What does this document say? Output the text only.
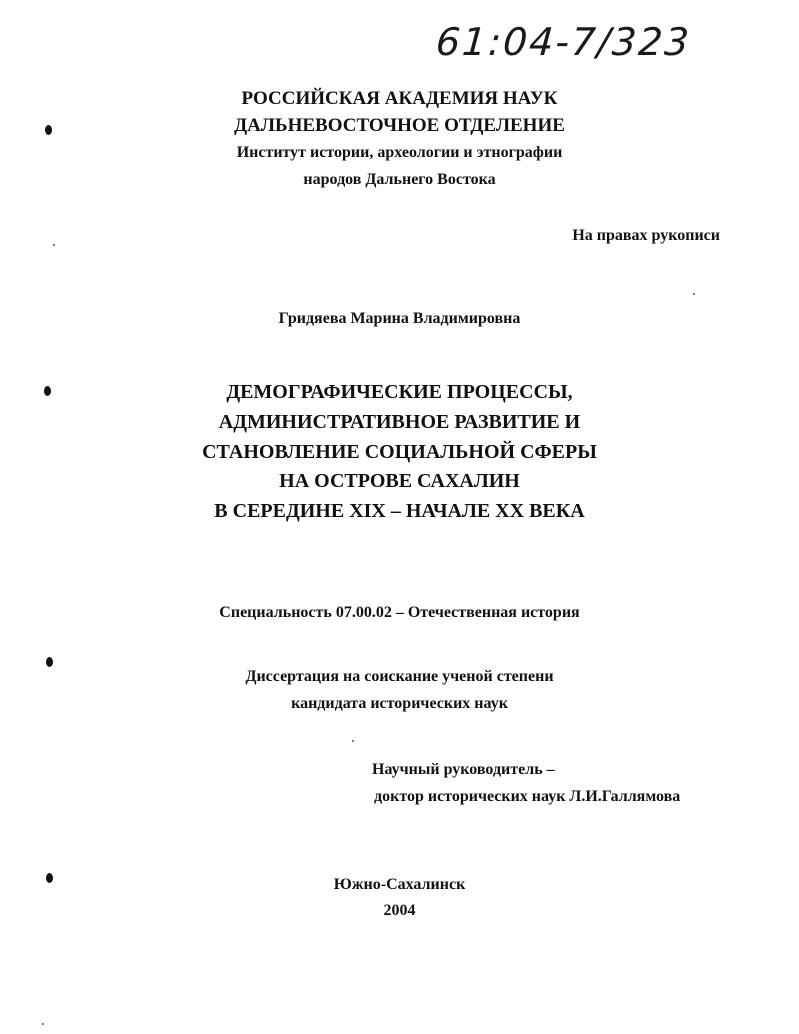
61:04-7/323
РОССИЙСКАЯ АКАДЕМИЯ НАУК
ДАЛЬНЕВОСТОЧНОЕ ОТДЕЛЕНИЕ
Институт истории, археологии и этнографии
народов Дальнего Востока
На правах рукописи
Гридяева Марина Владимировна
ДЕМОГРАФИЧЕСКИЕ ПРОЦЕССЫ,
АДМИНИСТРАТИВНОЕ РАЗВИТИЕ И
СТАНОВЛЕНИЕ СОЦИАЛЬНОЙ СФЕРЫ
НА ОСТРОВЕ САХАЛИН
В СЕРЕДИНЕ XIX – НАЧАЛЕ XX ВЕКА
Специальность 07.00.02 – Отечественная история
Диссертация на соискание ученой степени
кандидата исторических наук
Научный руководитель –
доктор исторических наук Л.И.Галлямова
Южно-Сахалинск
2004
